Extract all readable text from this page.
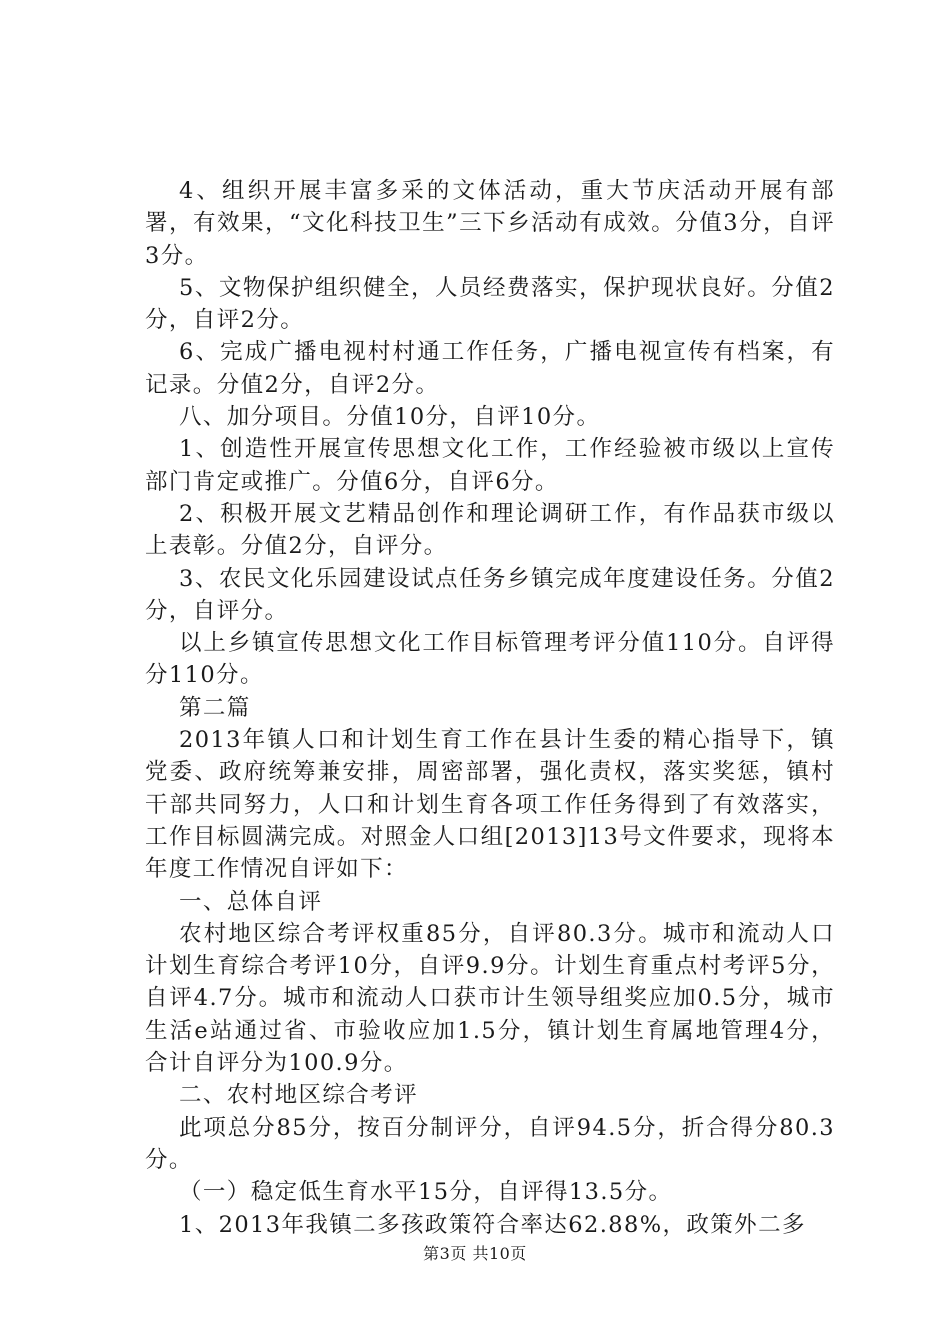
4、组织开展丰富多采的文体活动，重大节庆活动开展有部署，有效果，“文化科技卫生”三下乡活动有成效。分值3分，自评3分。

5、文物保护组织健全，人员经费落实，保护现状良好。分值2分，自评2分。

6、完成广播电视村村通工作任务，广播电视宣传有档案，有记录。分值2分，自评2分。

八、加分项目。分值10分，自评10分。

1、创造性开展宣传思想文化工作，工作经验被市级以上宣传部门肯定或推广。分值6分，自评6分。

2、积极开展文艺精品创作和理论调研工作，有作品获市级以上表彰。分值2分，自评分。

3、农民文化乐园建设试点任务乡镇完成年度建设任务。分值2分，自评分。

以上乡镇宣传思想文化工作目标管理考评分值110分。自评得分110分。

第二篇

2013年镇人口和计划生育工作在县计生委的精心指导下，镇党委、政府统筹兼安排，周密部署，强化责权，落实奖惩，镇村干部共同努力，人口和计划生育各项工作任务得到了有效落实，工作目标圆满完成。对照金人口组[2013]13号文件要求，现将本年度工作情况自评如下：

一、总体自评

农村地区综合考评权重85分，自评80.3分。城市和流动人口计划生育综合考评10分，自评9.9分。计划生育重点村考评5分，自评4.7分。城市和流动人口获市计生领导组奖应加0.5分，城市生活e站通过省、市验收应加1.5分，镇计划生育属地管理4分，合计自评分为100.9分。

二、农村地区综合考评

此项总分85分，按百分制评分，自评94.5分，折合得分80.3分。

（一）稳定低生育水平15分，自评得13.5分。

1、2013年我镇二多孩政策符合率达62.88%，政策外二多

第3页 共10页
